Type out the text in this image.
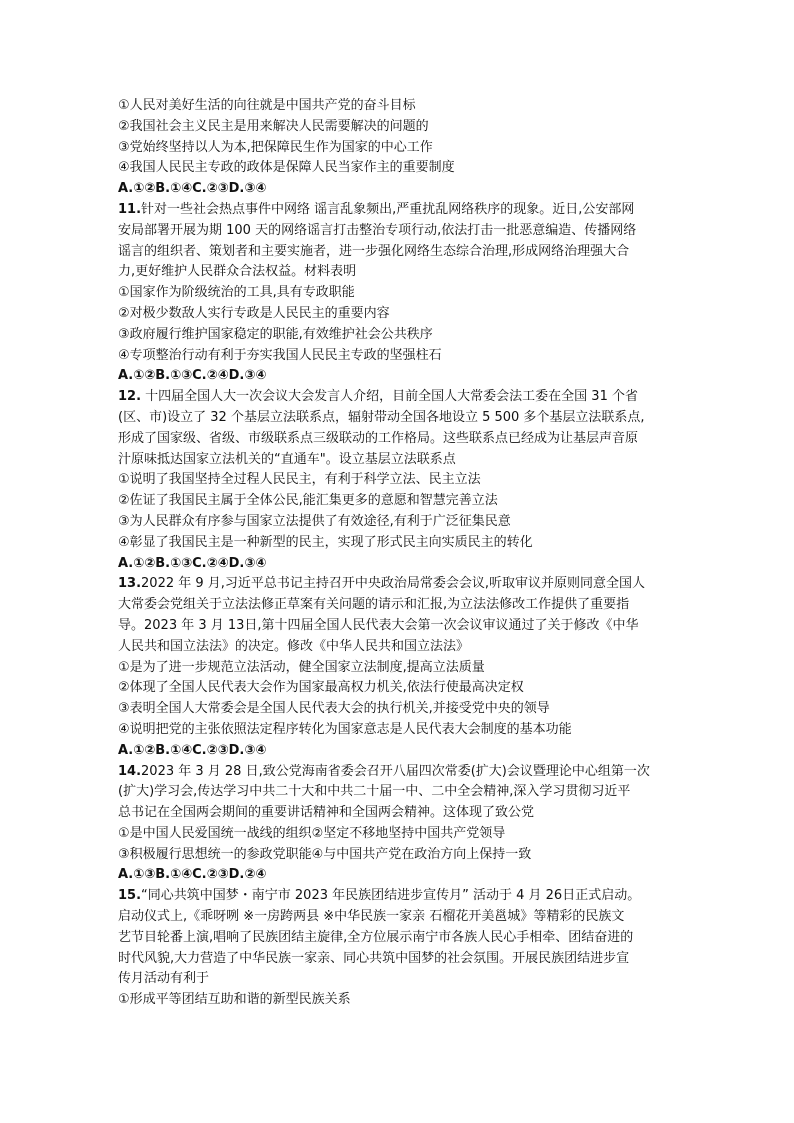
①人民对美好生活的向往就是中国共产党的奋斗目标
②我国社会主义民主是用来解决人民需要解决的问题的
③党始终坚持以人为本,把保障民生作为国家的中心工作
④我国人民民主专政的政体是保障人民当家作主的重要制度
A.①②B.①④C.②③D.③④
11.针对一些社会热点事件中网络 谣言乱象频出,严重扰乱网络秩序的现象。近日,公安部网
安局部署开展为期 100 天的网络谣言打击整治专项行动,依法打击一批恶意编造、传播网络
谣言的组织者、策划者和主要实施者，进一步强化网络生态综合治理,形成网络治理强大合
力,更好维护人民群众合法权益。材料表明
①国家作为阶级统治的工具,具有专政职能
②对极少数敌人实行专政是人民民主的重要内容
③政府履行维护国家稳定的职能,有效维护社会公共秩序
④专项整治行动有利于夯实我国人民民主专政的坚强柱石
A.①②B.①③C.②④D.③④
12. 十四届全国人大一次会议大会发言人介绍，目前全国人大常委会法工委在全国 31 个省
(区、市)设立了 32 个基层立法联系点，辐射带动全国各地设立 5 500 多个基层立法联系点,
形成了国家级、省级、市级联系点三级联动的工作格局。这些联系点已经成为让基层声音原
汁原味抵达国家立法机关的“直通车"。设立基层立法联系点
①说明了我国坚持全过程人民民主，有利于科学立法、民主立法
②佐证了我国民主属于全体公民,能汇集更多的意愿和智慧完善立法
③为人民群众有序参与国家立法提供了有效途径,有利于广泛征集民意
④彰显了我国民主是一种新型的民主，实现了形式民主向实质民主的转化
A.①②B.①③C.②④D.③④
13.2022 年 9 月,习近平总书记主持召开中央政治局常委会会议,听取审议并原则同意全国人
大常委会党组关于立法法修正草案有关问题的请示和汇报,为立法法修改工作提供了重要指
导。2023 年 3 月 13日,第十四届全国人民代表大会第一次会议审议通过了关于修改《中华
人民共和国立法法》的决定。修改《中华人民共和国立法法》
①是为了进一步规范立法活动，健全国家立法制度,提高立法质量
②体现了全国人民代表大会作为国家最高权力机关,依法行使最高决定权
③表明全国人大常委会是全国人民代表大会的执行机关,并接受党中央的领导
④说明把党的主张依照法定程序转化为国家意志是人民代表大会制度的基本功能
A.①②B.①④C.②③D.③④
14.2023 年 3 月 28 日,致公党海南省委会召开八届四次常委(扩大)会议暨理论中心组第一次
(扩大)学习会,传达学习中共二十大和中共二十届一中、二中全会精神,深入学习贯彻习近平
总书记在全国两会期间的重要讲话精神和全国两会精神。这体现了致公党
①是中国人民爱国统一战线的组织②坚定不移地坚持中国共产党领导
③积极履行思想统一的参政党职能④与中国共产党在政治方向上保持一致
A.①③B.①④C.②③D.②④
15.“同心共筑中国梦・南宁市 2023 年民族团结进步宣传月” 活动于 4 月 26日正式启动。
启动仪式上,《乖呀咧 ※一房跨两县 ※中华民族一家亲 石榴花开美邕城》等精彩的民族文
艺节目轮番上演,唱响了民族团结主旋律,全方位展示南宁市各族人民心手相牵、团结奋进的
时代风貌,大力营造了中华民族一家亲、同心共筑中国梦的社会氛围。开展民族团结进步宣
传月活动有利于
①形成平等团结互助和谐的新型民族关系
